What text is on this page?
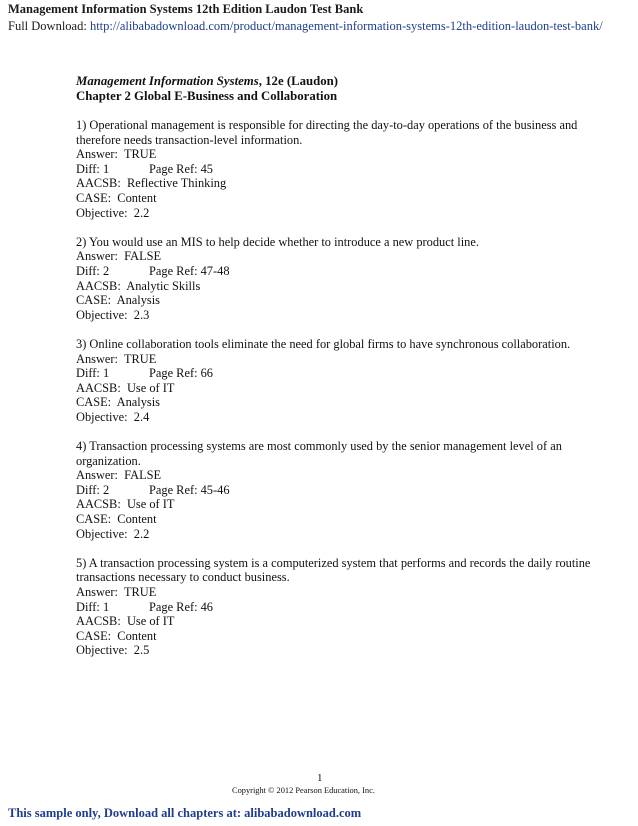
Management Information Systems 12th Edition Laudon Test Bank
Full Download: http://alibabadownload.com/product/management-information-systems-12th-edition-laudon-test-bank/
Management Information Systems, 12e (Laudon)
Chapter 2 Global E-Business and Collaboration
1) Operational management is responsible for directing the day-to-day operations of the business and therefore needs transaction-level information.
Answer:  TRUE
Diff: 1	Page Ref: 45
AACSB:  Reflective Thinking
CASE:  Content
Objective:  2.2
2) You would use an MIS to help decide whether to introduce a new product line.
Answer:  FALSE
Diff: 2	Page Ref: 47-48
AACSB:  Analytic Skills
CASE:  Analysis
Objective:  2.3
3) Online collaboration tools eliminate the need for global firms to have synchronous collaboration.
Answer:  TRUE
Diff: 1	Page Ref: 66
AACSB:  Use of IT
CASE:  Analysis
Objective:  2.4
4) Transaction processing systems are most commonly used by the senior management level of an organization.
Answer:  FALSE
Diff: 2	Page Ref: 45-46
AACSB:  Use of IT
CASE:  Content
Objective:  2.2
5) A transaction processing system is a computerized system that performs and records the daily routine transactions necessary to conduct business.
Answer:  TRUE
Diff: 1	Page Ref: 46
AACSB:  Use of IT
CASE:  Content
Objective:  2.5
1
Copyright © 2012 Pearson Education, Inc.
This sample only, Download all chapters at: alibabadownload.com
